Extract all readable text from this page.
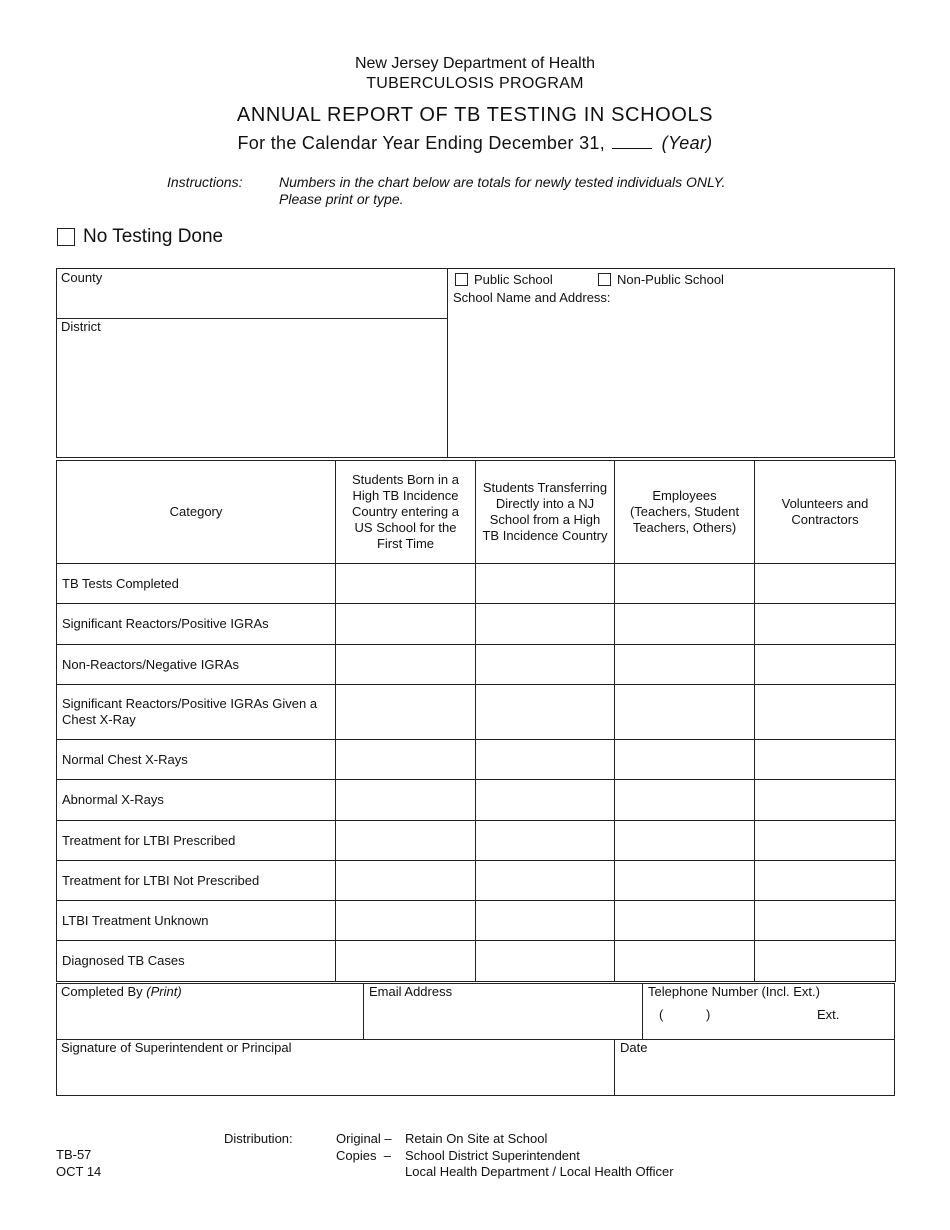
New Jersey Department of Health
TUBERCULOSIS PROGRAM
ANNUAL REPORT OF TB TESTING IN SCHOOLS
For the Calendar Year Ending December 31,	(Year)
Instructions:	Numbers in the chart below are totals for newly tested individuals ONLY.
Please print or type.
No Testing Done
County
District
Public School	Non-Public School
School Name and Address:
Category	Students Born in a High TB Incidence Country entering a US School for the First Time	Students Transferring Directly into a NJ School from a High TB Incidence Country	Employees (Teachers, Student Teachers, Others)	Volunteers and Contractors
TB Tests Completed				
Significant Reactors/Positive IGRAs				
Non-Reactors/Negative IGRAs				
Significant Reactors/Positive IGRAs Given a Chest X-Ray				
Normal Chest X-Rays				
Abnormal X-Rays				
Treatment for LTBI Prescribed				
Treatment for LTBI Not Prescribed				
LTBI Treatment Unknown				
Diagnosed TB Cases				
Completed By (Print)	Email Address	Telephone Number (Incl. Ext.)
(	)	Ext.
Signature of Superintendent or Principal	Date
TB-57
OCT 14
Distribution:	Original – Retain On Site at School
Copies  – School District Superintendent
Local Health Department / Local Health Officer
